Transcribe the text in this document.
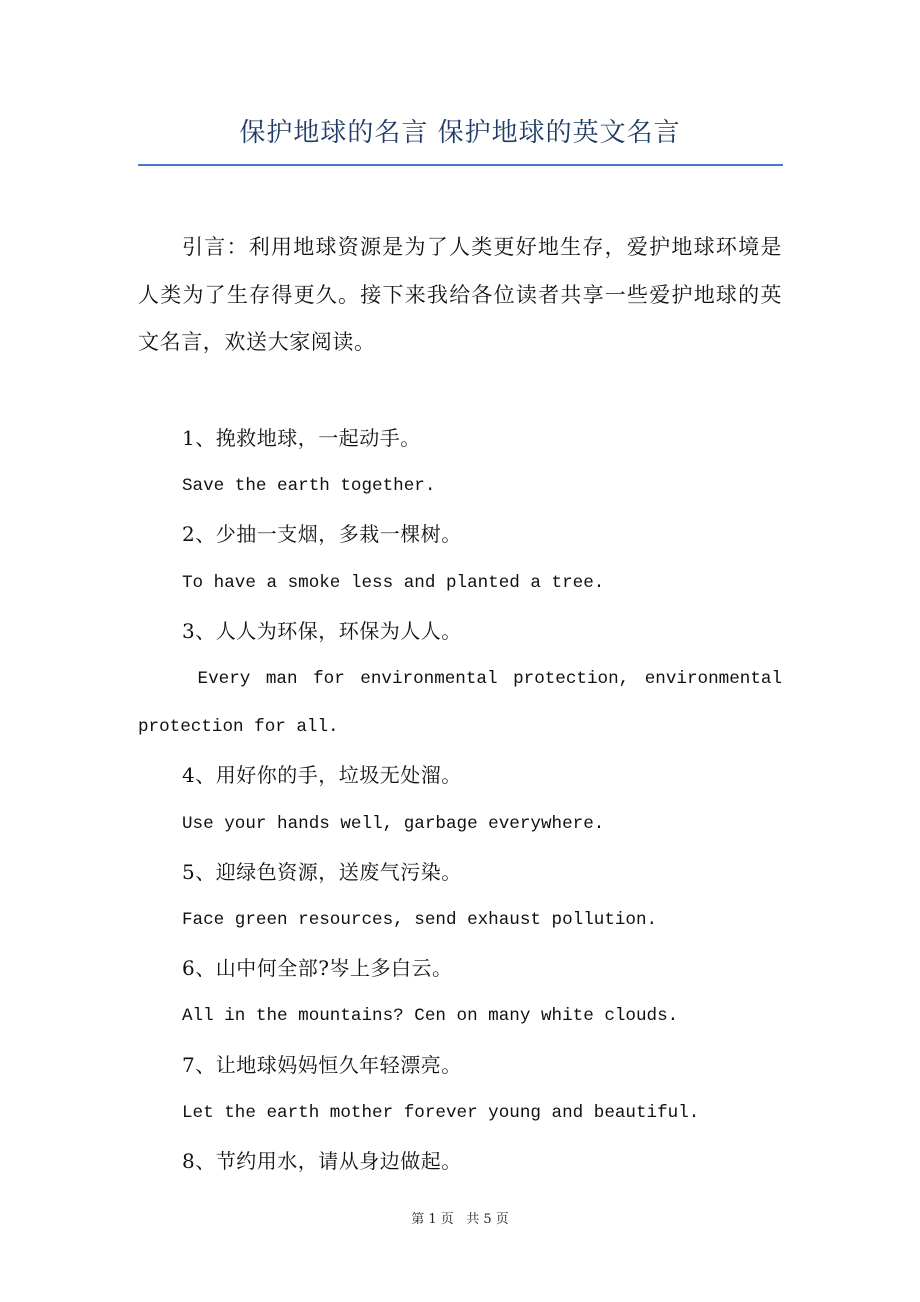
保护地球的名言 保护地球的英文名言
引言：利用地球资源是为了人类更好地生存，爱护地球环境是人类为了生存得更久。接下来我给各位读者共享一些爱护地球的英文名言，欢送大家阅读。
1、挽救地球，一起动手。
Save the earth together.
2、少抽一支烟，多栽一棵树。
To have a smoke less and planted a tree.
3、人人为环保，环保为人人。
Every man for environmental protection, environmental protection for all.
4、用好你的手，垃圾无处溜。
Use your hands well, garbage everywhere.
5、迎绿色资源，送废气污染。
Face green resources, send exhaust pollution.
6、山中何全部?岑上多白云。
All in the mountains? Cen on many white clouds.
7、让地球妈妈恒久年轻漂亮。
Let the earth mother forever young and beautiful.
8、节约用水，请从身边做起。
第 1 页   共 5 页
